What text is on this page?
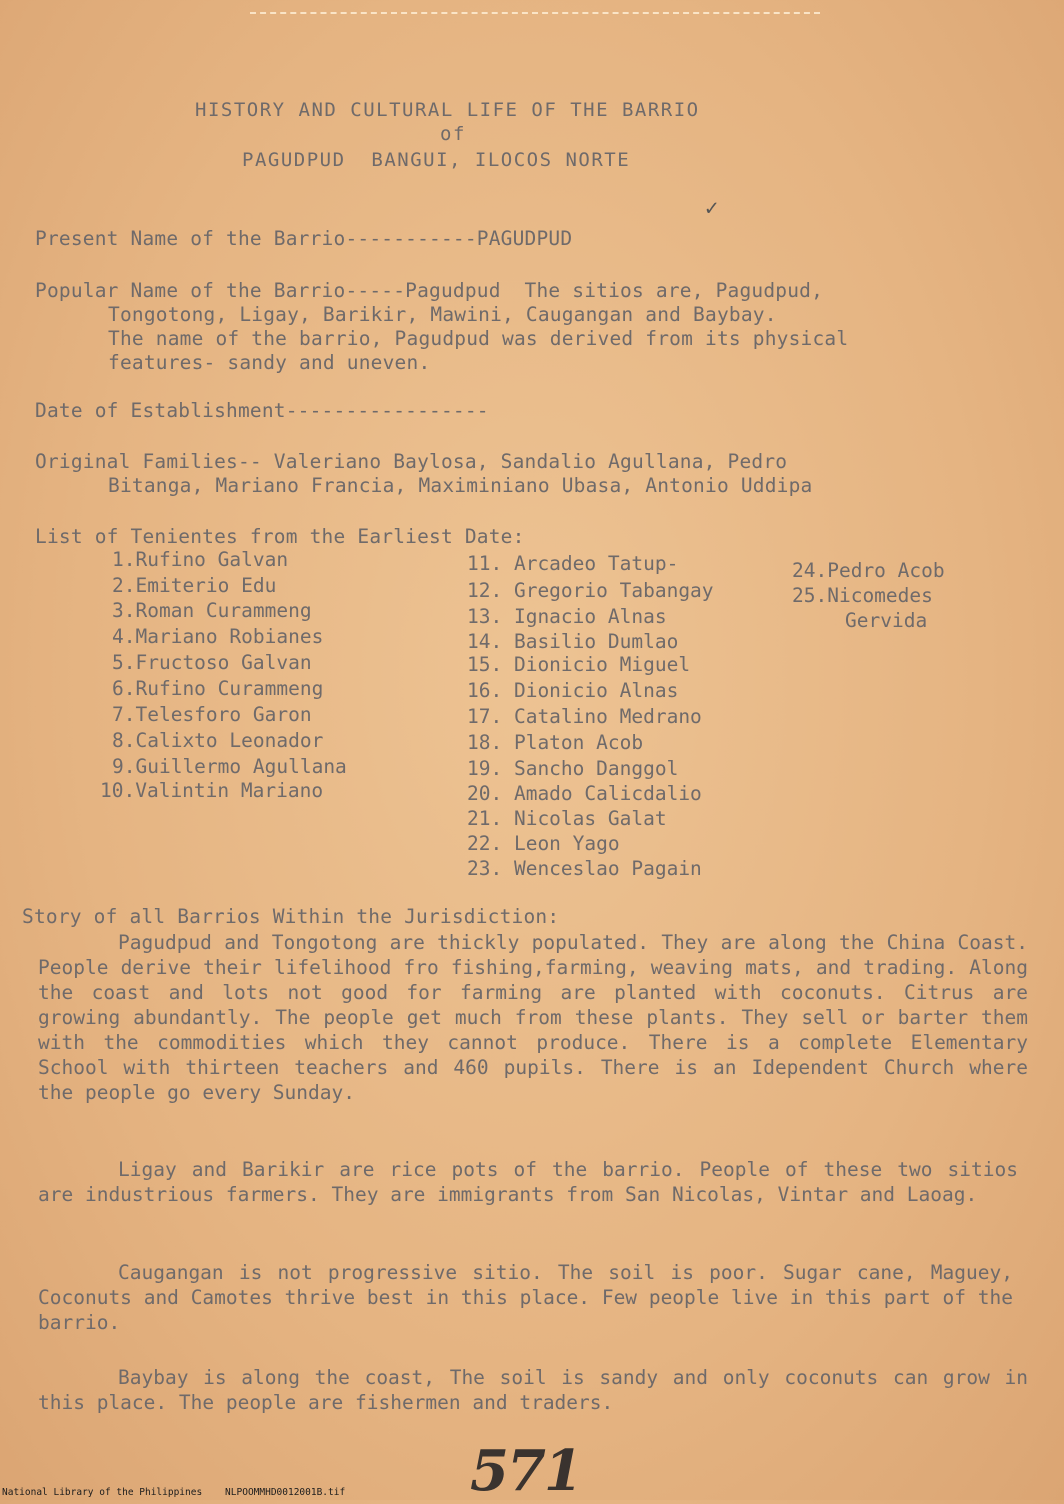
HISTORY AND CULTURAL LIFE OF THE BARRIO
of
PAGUDPUD  BANGUI, ILOCOS NORTE
Present Name of the Barrio-----------PAGUDPUD
✓
Popular Name of the Barrio-----Pagudpud  The sitios are, Pagudpud,
Tongotong, Ligay, Barikir, Mawini, Caugangan and Baybay.
The name of the barrio, Pagudpud was derived from its physical
features- sandy and uneven.
Date of Establishment-----------------
Original Families-- Valeriano Baylosa, Sandalio Agullana, Pedro
Bitanga, Mariano Francia, Maximiniano Ubasa, Antonio Uddipa
List of Tenientes from the Earliest Date:
1.Rufino Galvan
2.Emiterio Edu
3.Roman Curammeng
4.Mariano Robianes
5.Fructoso Galvan
6.Rufino Curammeng
7.Telesforo Garon
8.Calixto Leonador
9.Guillermo Agullana
10.Valintin Mariano
11. Arcadeo Tatup-
12. Gregorio Tabangay
13. Ignacio Alnas
14. Basilio Dumlao
15. Dionicio Miguel
16. Dionicio Alnas
17. Catalino Medrano
18. Platon Acob
19. Sancho Danggol
20. Amado Calicdalio
21. Nicolas Galat
22. Leon Yago
23. Wenceslao Pagain
24.Pedro Acob
25.Nicomedes
Gervida
Story of all Barrios Within the Jurisdiction:
Pagudpud and Tongotong are thickly populated. They are along the China Coast. People derive their lifelihood fro fishing,farming, weaving mats, and trading. Along the coast and lots not good for farming are planted with coconuts. Citrus are growing abundantly. The people get much from these plants. They sell or barter them with the commodities which they cannot produce. There is a complete Elementary School with thirteen teachers and 460 pupils. There is an Idependent Church where the people go every Sunday.
Ligay and Barikir are rice pots of the barrio. People of these two sitios are industrious farmers. They are immigrants from San Nicolas, Vintar and Laoag.
Caugangan is not progressive sitio. The soil is poor. Sugar cane, Maguey, Coconuts and Camotes thrive best in this place. Few people live in this part of the barrio.
Baybay is along the coast, The soil is sandy and only coconuts can grow in this place. The people are fishermen and traders.
571
National Library of the Philippines    NLPOOMMHD0012001B.tif
